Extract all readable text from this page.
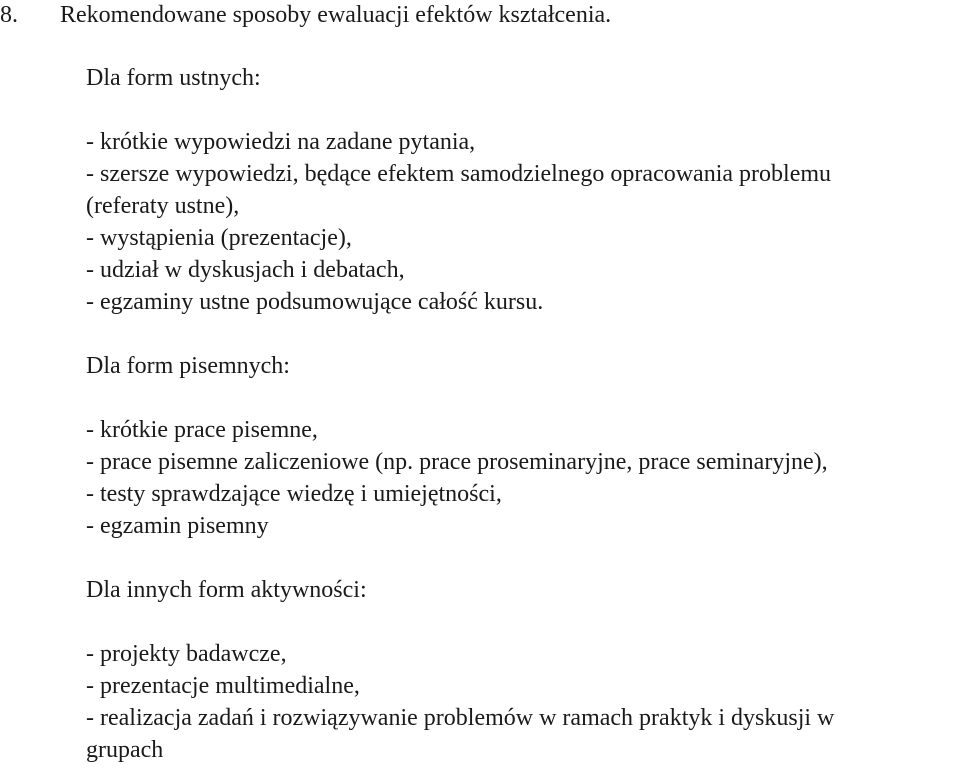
8. Rekomendowane sposoby ewaluacji efektów kształcenia.
Dla form ustnych:
- krótkie wypowiedzi na zadane pytania,
- szersze wypowiedzi, będące efektem samodzielnego opracowania problemu
(referaty ustne),
- wystąpienia (prezentacje),
- udział w dyskusjach i debatach,
- egzaminy ustne podsumowujące całość kursu.
Dla form pisemnych:
- krótkie prace pisemne,
- prace pisemne zaliczeniowe (np. prace proseminaryjne, prace seminaryjne),
- testy sprawdzające wiedzę i umiejętności,
- egzamin pisemny
Dla innych form aktywności:
- projekty badawcze,
- prezentacje multimedialne,
- realizacja zadań i rozwiązywanie problemów w ramach praktyk i dyskusji w
grupach
